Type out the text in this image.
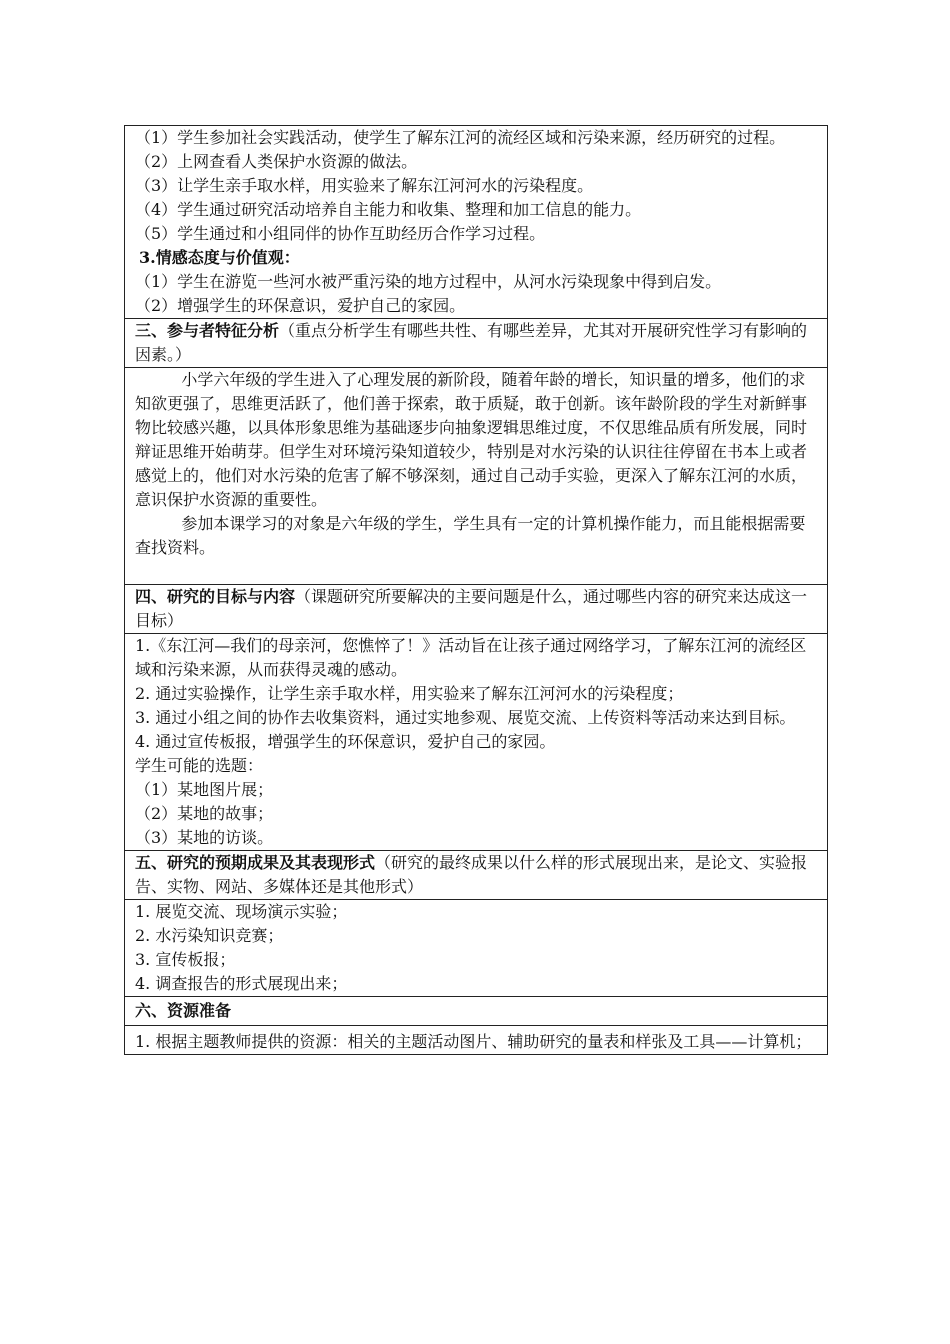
（1）学生参加社会实践活动，使学生了解东江河的流经区域和污染来源，经历研究的过程。

（2）上网查看人类保护水资源的做法。

（3）让学生亲手取水样，用实验来了解东江河河水的污染程度。

（4）学生通过研究活动培养自主能力和收集、整理和加工信息的能力。

（5）学生通过和小组同伴的协作互助经历合作学习过程。

3.情感态度与价值观：

（1）学生在游览一些河水被严重污染的地方过程中，从河水污染现象中得到启发。

（2）增强学生的环保意识，爱护自己的家园。

三、参与者特征分析（重点分析学生有哪些共性、有哪些差异，尤其对开展研究性学习有影响的因素。）

小学六年级的学生进入了心理发展的新阶段，随着年龄的增长，知识量的增多，他们的求知欲更强了，思维更活跃了，他们善于探索，敢于质疑，敢于创新。该年龄阶段的学生对新鲜事物比较感兴趣，以具体形象思维为基础逐步向抽象逻辑思维过度，不仅思维品质有所发展，同时辩证思维开始萌芽。但学生对环境污染知道较少，特别是对水污染的认识往往停留在书本上或者感觉上的，他们对水污染的危害了解不够深刻，通过自己动手实验，更深入了解东江河的水质，意识保护水资源的重要性。

参加本课学习的对象是六年级的学生，学生具有一定的计算机操作能力，而且能根据需要查找资料。

四、研究的目标与内容（课题研究所要解决的主要问题是什么，通过哪些内容的研究来达成这一目标）

1.《东江河—我们的母亲河，您憔悴了！》活动旨在让孩子通过网络学习，了解东江河的流经区域和污染来源，从而获得灵魂的感动。

2. 通过实验操作，让学生亲手取水样，用实验来了解东江河河水的污染程度；

3. 通过小组之间的协作去收集资料，通过实地参观、展览交流、上传资料等活动来达到目标。

4. 通过宣传板报，增强学生的环保意识，爱护自己的家园。

学生可能的选题：

（1）某地图片展；

（2）某地的故事；

（3）某地的访谈。

五、研究的预期成果及其表现形式（研究的最终成果以什么样的形式展现出来，是论文、实验报告、实物、网站、多媒体还是其他形式）

1. 展览交流、现场演示实验；

2. 水污染知识竞赛；

3. 宣传板报；

4. 调查报告的形式展现出来；

六、资源准备

1. 根据主题教师提供的资源：相关的主题活动图片、辅助研究的量表和样张及工具——计算机；
